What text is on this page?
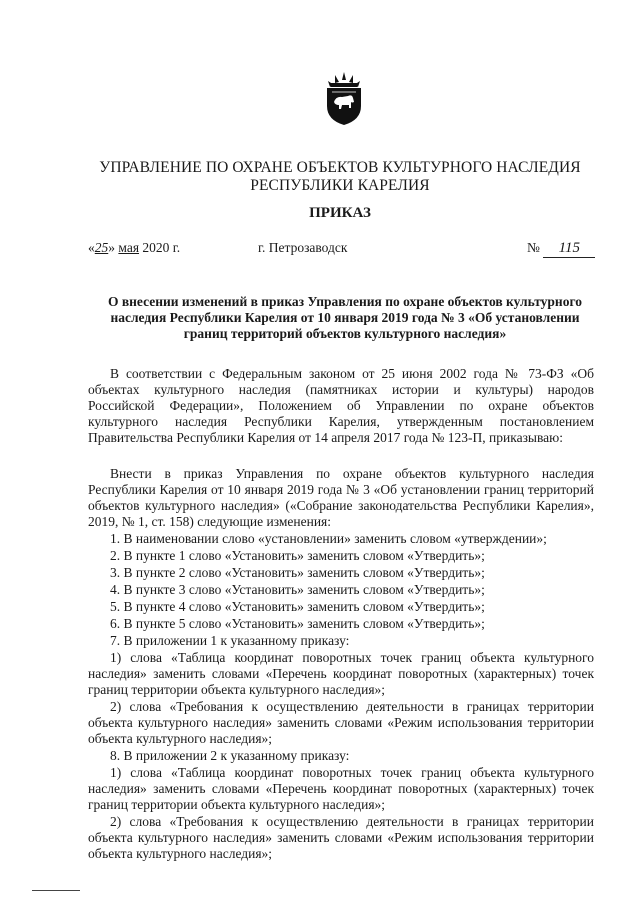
УПРАВЛЕНИЕ ПО ОХРАНЕ ОБЪЕКТОВ КУЛЬТУРНОГО НАСЛЕДИЯ
РЕСПУБЛИКИ КАРЕЛИЯ
ПРИКАЗ
«25» мая 2020 г.	г. Петрозаводск	№ 115
О внесении изменений в приказ Управления по охране объектов культурного
наследия Республики Карелия от 10 января 2019 года № 3 «Об установлении
границ территорий объектов культурного наследия»
В соответствии с Федеральным законом от 25 июня 2002 года № 73-ФЗ «Об
объектах культурного наследия (памятниках истории и культуры) народов
Российской Федерации», Положением об Управлении по охране объектов
культурного наследия Республики Карелия, утвержденным постановлением
Правительства Республики Карелия от 14 апреля 2017 года № 123-П, приказываю:
Внести в приказ Управления по охране объектов культурного наследия
Республики Карелия от 10 января 2019 года № 3 «Об установлении границ территорий
объектов культурного наследия» («Собрание законодательства Республики Карелия»,
2019, № 1, ст. 158) следующие изменения:
1. В наименовании слово «установлении» заменить словом «утверждении»;
2. В пункте 1 слово «Установить» заменить словом «Утвердить»;
3. В пункте 2 слово «Установить» заменить словом «Утвердить»;
4. В пункте 3 слово «Установить» заменить словом «Утвердить»;
5. В пункте 4 слово «Установить» заменить словом «Утвердить»;
6. В пункте 5 слово «Установить» заменить словом «Утвердить»;
7. В приложении 1 к указанному приказу:
1) слова «Таблица координат поворотных точек границ объекта культурного
наследия» заменить словами «Перечень координат поворотных (характерных) точек
границ территории объекта культурного наследия»;
2) слова «Требования к осуществлению деятельности в границах территории
объекта культурного наследия» заменить словами «Режим использования территории
объекта культурного наследия»;
8. В приложении 2 к указанному приказу:
1) слова «Таблица координат поворотных точек границ объекта культурного
наследия» заменить словами «Перечень координат поворотных (характерных) точек
границ территории объекта культурного наследия»;
2) слова «Требования к осуществлению деятельности в границах территории
объекта культурного наследия» заменить словами «Режим использования территории
объекта культурного наследия»;
